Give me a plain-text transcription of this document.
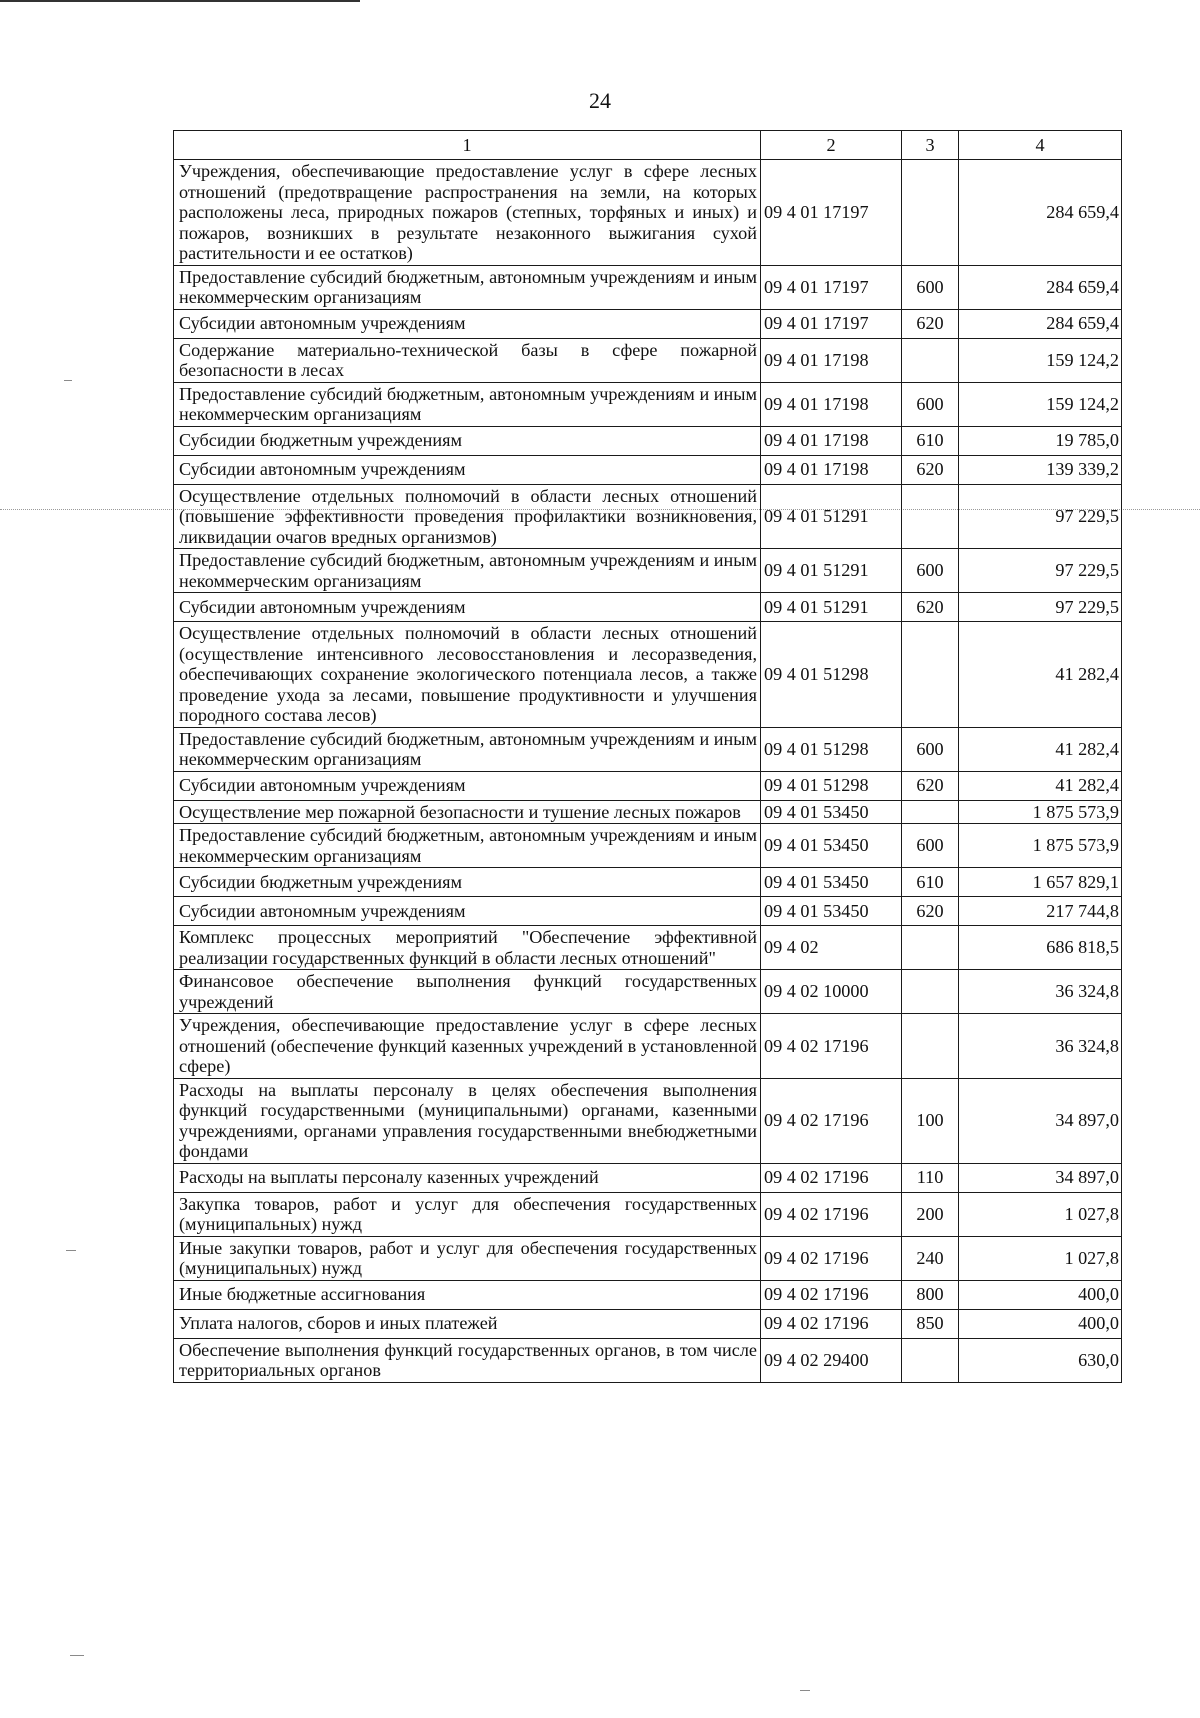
24
1	2	3	4
Учреждения, обеспечивающие предоставление услуг в сфере лесных отношений (предотвращение распространения на земли, на которых расположены леса, природных пожаров (степных, торфяных и иных) и пожаров, возникших в результате незаконного выжигания сухой растительности и ее остатков)	09 4 01 17197		284 659,4
Предоставление субсидий бюджетным, автономным учреждениям и иным некоммерческим организациям	09 4 01 17197	600	284 659,4
Субсидии автономным учреждениям	09 4 01 17197	620	284 659,4
Содержание материально-технической базы в сфере пожарной безопасности в лесах	09 4 01 17198		159 124,2
Предоставление субсидий бюджетным, автономным учреждениям и иным некоммерческим организациям	09 4 01 17198	600	159 124,2
Субсидии бюджетным учреждениям	09 4 01 17198	610	19 785,0
Субсидии автономным учреждениям	09 4 01 17198	620	139 339,2
Осуществление отдельных полномочий в области лесных отношений (повышение эффективности проведения профилактики возникновения, ликвидации очагов вредных организмов)	09 4 01 51291		97 229,5
Предоставление субсидий бюджетным, автономным учреждениям и иным некоммерческим организациям	09 4 01 51291	600	97 229,5
Субсидии автономным учреждениям	09 4 01 51291	620	97 229,5
Осуществление отдельных полномочий в области лесных отношений (осуществление интенсивного лесовосстановления и лесоразведения, обеспечивающих сохранение экологического потенциала лесов, а также проведение ухода за лесами, повышение продуктивности и улучшения породного состава лесов)	09 4 01 51298		41 282,4
Предоставление субсидий бюджетным, автономным учреждениям и иным некоммерческим организациям	09 4 01 51298	600	41 282,4
Субсидии автономным учреждениям	09 4 01 51298	620	41 282,4
Осуществление мер пожарной безопасности и тушение лесных пожаров	09 4 01 53450		1 875 573,9
Предоставление субсидий бюджетным, автономным учреждениям и иным некоммерческим организациям	09 4 01 53450	600	1 875 573,9
Субсидии бюджетным учреждениям	09 4 01 53450	610	1 657 829,1
Субсидии автономным учреждениям	09 4 01 53450	620	217 744,8
Комплекс процессных мероприятий "Обеспечение эффективной реализации государственных функций в области лесных отношений"	09 4 02		686 818,5
Финансовое обеспечение выполнения функций государственных учреждений	09 4 02 10000		36 324,8
Учреждения, обеспечивающие предоставление услуг в сфере лесных отношений (обеспечение функций казенных учреждений в установленной сфере)	09 4 02 17196		36 324,8
Расходы на выплаты персоналу в целях обеспечения выполнения функций государственными (муниципальными) органами, казенными учреждениями, органами управления государственными внебюджетными фондами	09 4 02 17196	100	34 897,0
Расходы на выплаты персоналу казенных учреждений	09 4 02 17196	110	34 897,0
Закупка товаров, работ и услуг для обеспечения государственных (муниципальных) нужд	09 4 02 17196	200	1 027,8
Иные закупки товаров, работ и услуг для обеспечения государственных (муниципальных) нужд	09 4 02 17196	240	1 027,8
Иные бюджетные ассигнования	09 4 02 17196	800	400,0
Уплата налогов, сборов и иных платежей	09 4 02 17196	850	400,0
Обеспечение выполнения функций государственных органов, в том числе территориальных органов	09 4 02 29400		630,0
